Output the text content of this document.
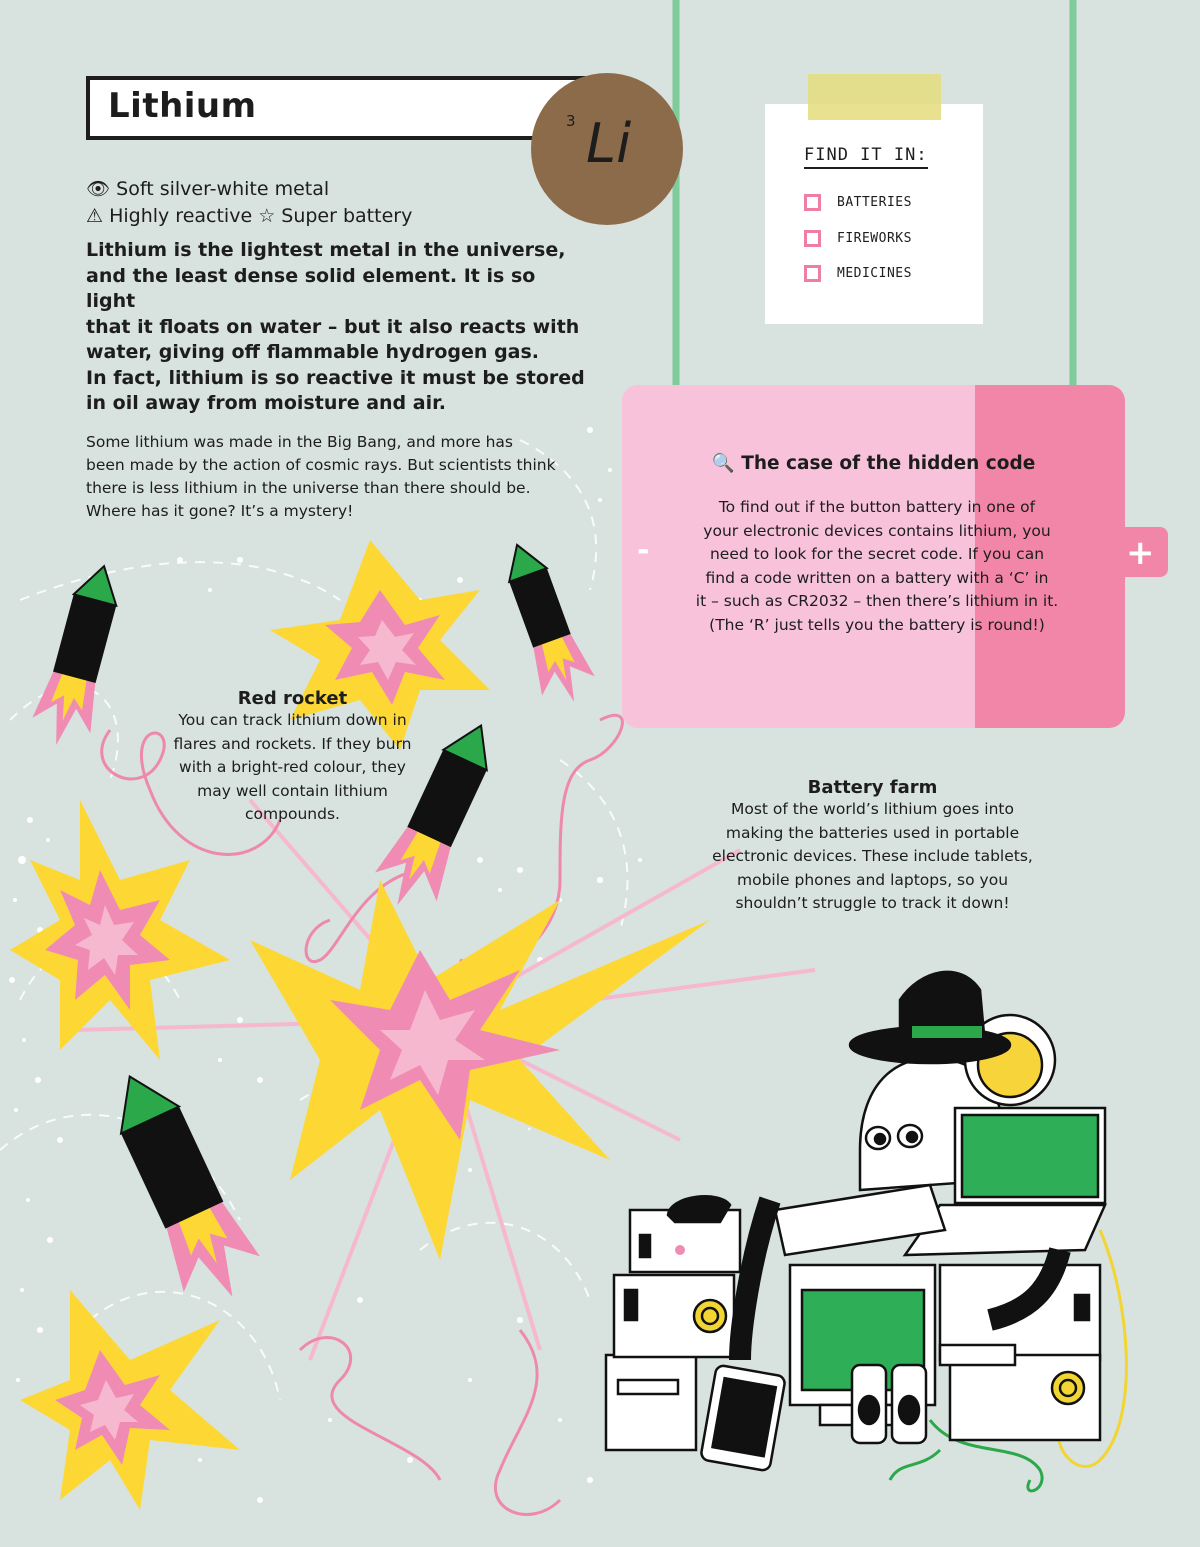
Lithium	3 Li
👁 Soft silver-white metal
⚠ Highly reactive ☆ Super battery
Lithium is the lightest metal in the universe,
and the least dense solid element. It is so light
that it floats on water – but it also reacts with
water, giving off flammable hydrogen gas.
In fact, lithium is so reactive it must be stored
in oil away from moisture and air.
Some lithium was made in the Big Bang, and more has
been made by the action of cosmic rays. But scientists think
there is less lithium in the universe than there should be.
Where has it gone? It’s a mystery!
FIND IT IN:
BATTERIES
FIREWORKS
MEDICINES
+
-
🔍 The case of the hidden code
To find out if the button battery in one of
your electronic devices contains lithium, you
need to look for the secret code. If you can
find a code written on a battery with a ‘C’ in
it – such as CR2032 – then there’s lithium in it.
(The ‘R’ just tells you the battery is round!)
Red rocket
You can track lithium down in
flares and rockets. If they burn
with a bright-red colour, they
may well contain lithium
compounds.
Battery farm
Most of the world’s lithium goes into
making the batteries used in portable
electronic devices. These include tablets,
mobile phones and laptops, so you
shouldn’t struggle to track it down!
